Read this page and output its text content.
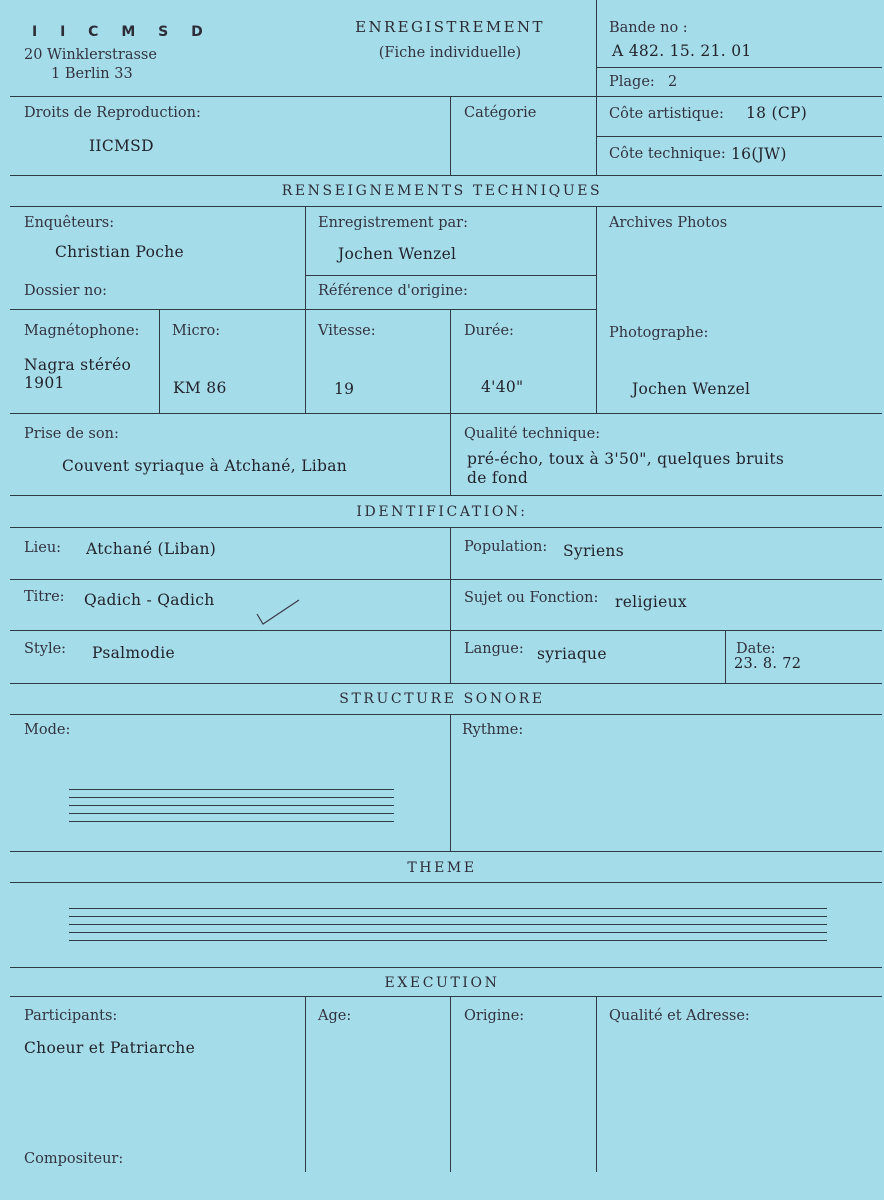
I I C M S D
20 Winklerstrasse
1 Berlin 33
ENREGISTREMENT
(Fiche individuelle)
Bande no :
A 482. 15. 21. 01
Plage: 2
Droits de Reproduction:
IICMSD
Catégorie	Côte artistique: 18 (CP)
Côte technique: 16(JW)
RENSEIGNEMENTS TECHNIQUES
Enquêteurs:
Christian Poche
Enregistrement par:
Jochen Wenzel
Archives Photos
Dossier no:	Référence d'origine:
Magnétophone:
Nagra stéréo
1901
Micro:
KM 86
Vitesse:
19
Durée:
4'40"
Photographe:
Jochen Wenzel
Prise de son:
Couvent syriaque à Atchané, Liban
Qualité technique:
pré-écho, toux à 3'50", quelques bruits
de fond
IDENTIFICATION:
Lieu: Atchané (Liban)	Population: Syriens
Titre: Qadich - Qadich	Sujet ou Fonction: religieux
Style: Psalmodie	Langue: syriaque	Date:
23. 8. 72
STRUCTURE SONORE
Mode:	Rythme:
THEME
EXECUTION
Participants:
Choeur et Patriarche
Age:	Origine:	Qualité et Adresse:
Compositeur:
